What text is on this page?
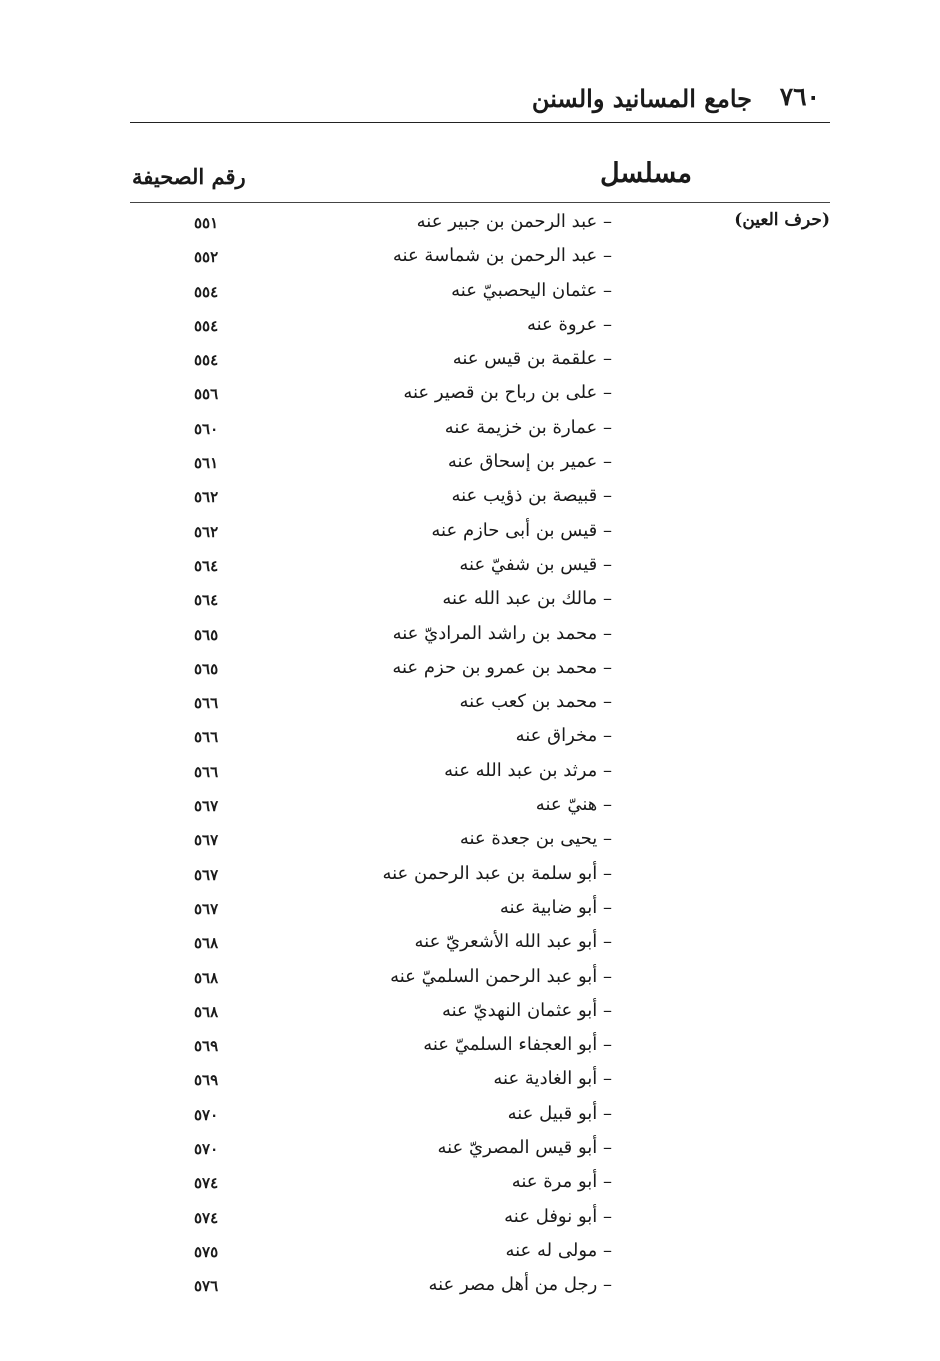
٧٦٠
جامع المسانيد والسنن
مسلسل
رقم الصحيفة
(حرف العين)
– عبد الرحمن بن جبير عنه
٥٥١
– عبد الرحمن بن شماسة عنه
٥٥٢
– عثمان اليحصبيّ عنه
٥٥٤
– عروة عنه
٥٥٤
– علقمة بن قيس عنه
٥٥٤
– على بن رباح بن قصير عنه
٥٥٦
– عمارة بن خزيمة عنه
٥٦٠
– عمير بن إسحاق عنه
٥٦١
– قبيصة بن ذؤيب عنه
٥٦٢
– قيس بن أبى حازم عنه
٥٦٢
– قيس بن شفيّ عنه
٥٦٤
– مالك بن عبد الله عنه
٥٦٤
– محمد بن راشد المراديّ عنه
٥٦٥
– محمد بن عمرو بن حزم عنه
٥٦٥
– محمد بن كعب عنه
٥٦٦
– مخراق عنه
٥٦٦
– مرثد بن عبد الله عنه
٥٦٦
– هنيّ عنه
٥٦٧
– يحيى بن جعدة عنه
٥٦٧
– أبو سلمة بن عبد الرحمن عنه
٥٦٧
– أبو ضابية عنه
٥٦٧
– أبو عبد الله الأشعريّ عنه
٥٦٨
– أبو عبد الرحمن السلميّ عنه
٥٦٨
– أبو عثمان النهديّ عنه
٥٦٨
– أبو العجفاء السلميّ عنه
٥٦٩
– أبو الغادية عنه
٥٦٩
– أبو قبيل عنه
٥٧٠
– أبو قيس المصريّ عنه
٥٧٠
– أبو مرة عنه
٥٧٤
– أبو نوفل عنه
٥٧٤
– مولى له عنه
٥٧٥
– رجل من أهل مصر عنه
٥٧٦
